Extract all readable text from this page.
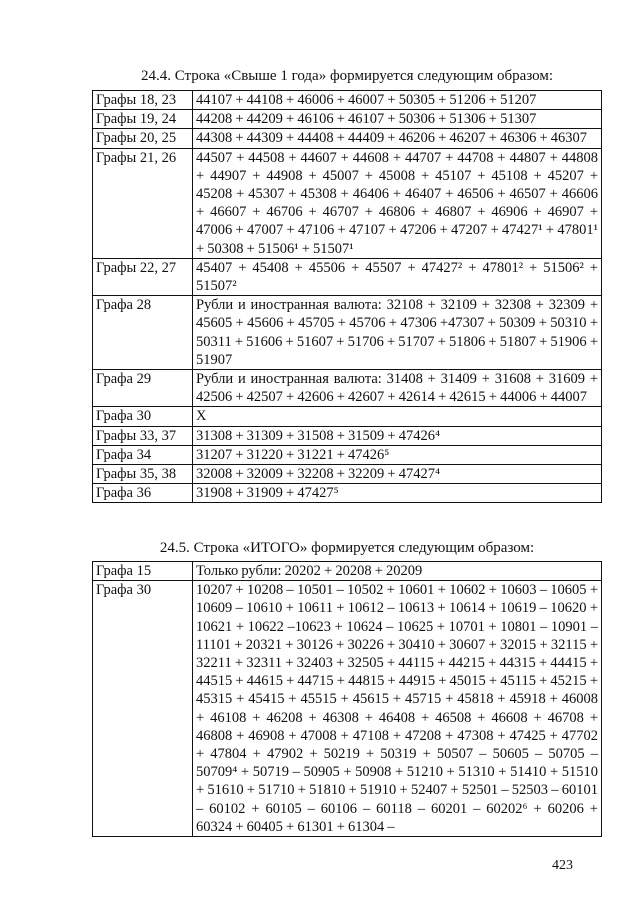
24.4. Строка «Свыше 1 года» формируется следующим образом:
Графы 18, 23	44107 + 44108 + 46006 + 46007 + 50305 + 51206 + 51207
Графы 19, 24	44208 + 44209 + 46106 + 46107 + 50306 + 51306 + 51307
Графы 20, 25	44308 + 44309 + 44408 + 44409 + 46206 + 46207 + 46306 + 46307
Графы 21, 26	44507 + 44508 + 44607 + 44608 + 44707 + 44708 + 44807 + 44808 + 44907 + 44908 + 45007 + 45008 + 45107 + 45108 + 45207 + 45208 + 45307 + 45308 + 46406 + 46407 + 46506 + 46507 + 46606 + 46607 + 46706 + 46707 + 46806 + 46807 + 46906 + 46907 + 47006 + 47007 + 47106 + 47107 + 47206 + 47207 + 47427¹ + 47801¹ + 50308 + 51506¹ + 51507¹
Графы 22, 27	45407 + 45408 + 45506 + 45507 + 47427² + 47801² + 51506² + 51507²
Графа 28	Рубли и иностранная валюта: 32108 + 32109 + 32308 + 32309 + 45605 + 45606 + 45705 + 45706 + 47306 +47307 + 50309 + 50310 + 50311 + 51606 + 51607 + 51706 + 51707 + 51806 + 51807 + 51906 + 51907
Графа 29	Рубли и иностранная валюта: 31408 + 31409 + 31608 + 31609 + 42506 + 42507 + 42606 + 42607 + 42614 + 42615 + 44006 + 44007
Графа 30	X
Графы 33, 37	31308 + 31309 + 31508 + 31509 + 47426⁴
Графа 34	31207 + 31220 + 31221 + 47426⁵
Графы 35, 38	32008 + 32009 + 32208 + 32209 + 47427⁴
Графа 36	31908 + 31909 + 47427⁵
24.5. Строка «ИТОГО» формируется следующим образом:
Графа 15	Только рубли: 20202 + 20208 + 20209
Графа 30	10207 + 10208 – 10501 – 10502 + 10601 + 10602 + 10603 – 10605 + 10609 – 10610 + 10611 + 10612 – 10613 + 10614 + 10619 – 10620 + 10621 + 10622 –10623 + 10624 – 10625 + 10701 + 10801 – 10901 – 11101 + 20321 + 30126 + 30226 + 30410 + 30607 + 32015 + 32115 + 32211 + 32311 + 32403 + 32505 + 44115 + 44215 + 44315 + 44415 + 44515 + 44615 + 44715 + 44815 + 44915 + 45015 + 45115 + 45215 + 45315 + 45415 + 45515 + 45615 + 45715 + 45818 + 45918 + 46008 + 46108 + 46208 + 46308 + 46408 + 46508 + 46608 + 46708 + 46808 + 46908 + 47008 + 47108 + 47208 + 47308 + 47425 + 47702 + 47804 + 47902 + 50219 + 50319 + 50507 – 50605 – 50705 – 50709⁴ + 50719 – 50905 + 50908 + 51210 + 51310 + 51410 + 51510 + 51610 + 51710 + 51810 + 51910 + 52407 + 52501 – 52503 – 60101 – 60102 + 60105 – 60106 – 60118 – 60201 – 60202⁶ + 60206 + 60324 + 60405 + 61301 + 61304 –
423
